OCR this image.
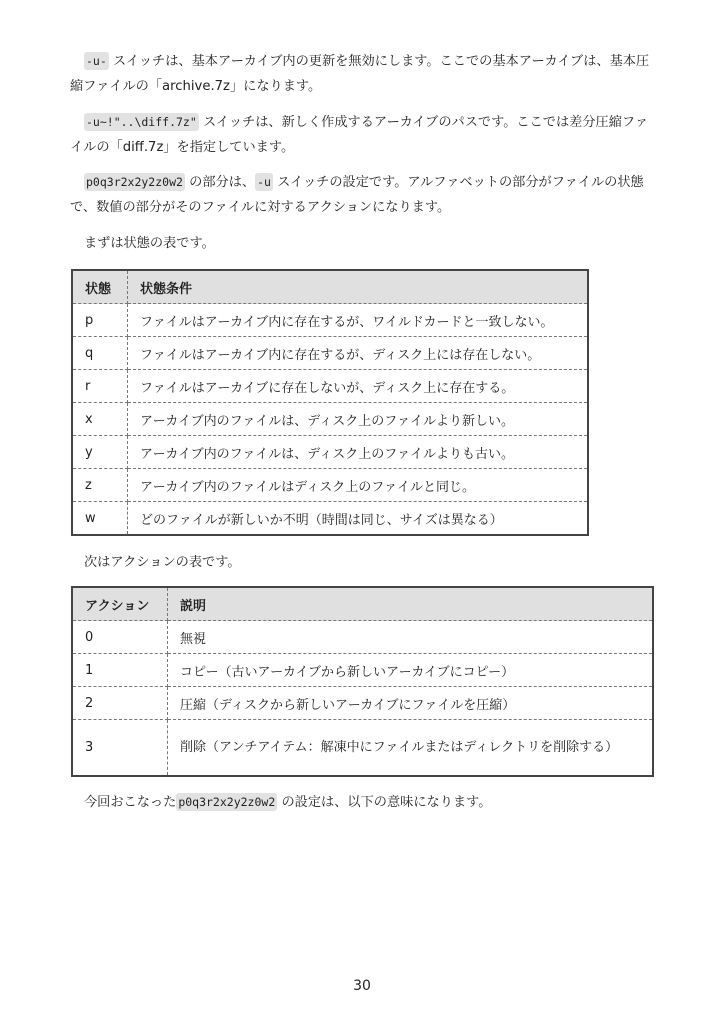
-u- スイッチは、基本アーカイブ内の更新を無効にします。ここでの基本アーカイブは、基本圧縮ファイルの「archive.7z」になります。
-u~!"..\diff.7z" スイッチは、新しく作成するアーカイブのパスです。ここでは差分圧縮ファイルの「diff.7z」を指定しています。
p0q3r2x2y2z0w2 の部分は、 -u スイッチの設定です。アルファベットの部分がファイルの状態で、数値の部分がそのファイルに対するアクションになります。
まずは状態の表です。
状態	状態条件
p	ファイルはアーカイブ内に存在するが、ワイルドカードと一致しない。
q	ファイルはアーカイブ内に存在するが、ディスク上には存在しない。
r	ファイルはアーカイブに存在しないが、ディスク上に存在する。
x	アーカイブ内のファイルは、ディスク上のファイルより新しい。
y	アーカイブ内のファイルは、ディスク上のファイルよりも古い。
z	アーカイブ内のファイルはディスク上のファイルと同じ。
w	どのファイルが新しいか不明（時間は同じ、サイズは異なる）
次はアクションの表です。
アクション	説明
0	無視
1	コピー（古いアーカイブから新しいアーカイブにコピー）
2	圧縮（ディスクから新しいアーカイブにファイルを圧縮）
3	削除（アンチアイテム：解凍中にファイルまたはディレクトリを削除する）
今回おこなった p0q3r2x2y2z0w2 の設定は、以下の意味になります。
30
